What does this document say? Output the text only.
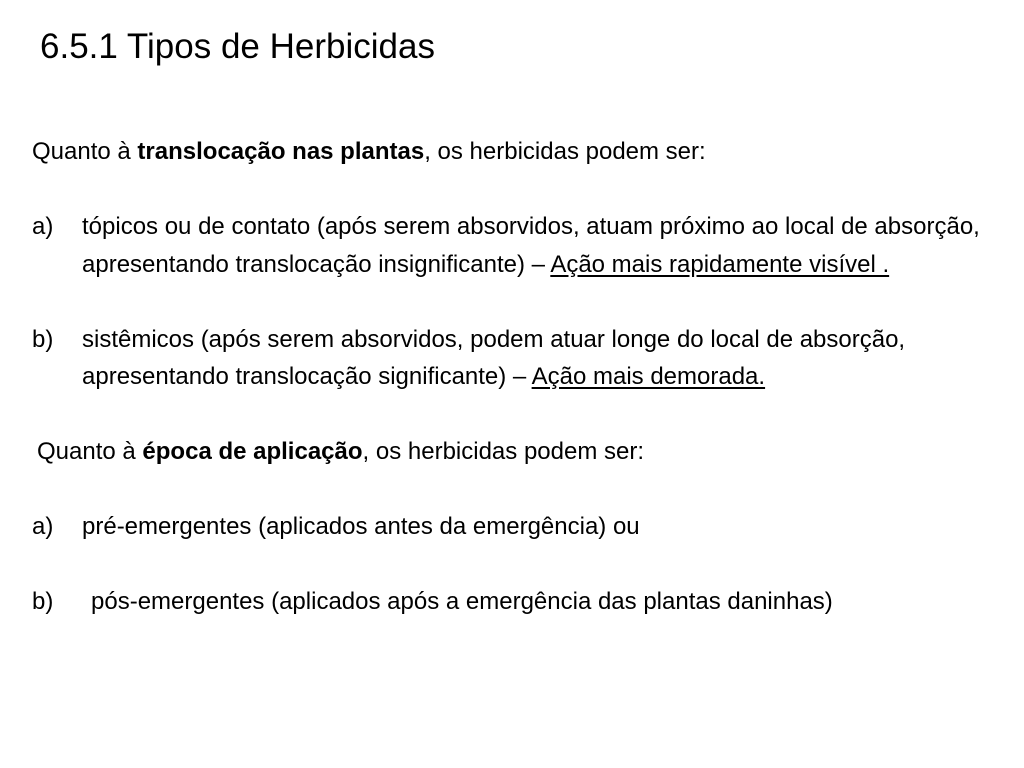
6.5.1 Tipos de Herbicidas
Quanto à translocação nas plantas, os herbicidas podem ser:
a) tópicos ou de contato (após serem absorvidos, atuam próximo ao local de absorção, apresentando translocação insignificante) – Ação mais rapidamente visível .
b) sistêmicos (após serem absorvidos, podem atuar longe do local de absorção, apresentando translocação significante) – Ação mais demorada.
Quanto à época de aplicação, os herbicidas podem ser:
a) pré-emergentes (aplicados antes da emergência) ou
b) pós-emergentes (aplicados após a emergência das plantas daninhas)
